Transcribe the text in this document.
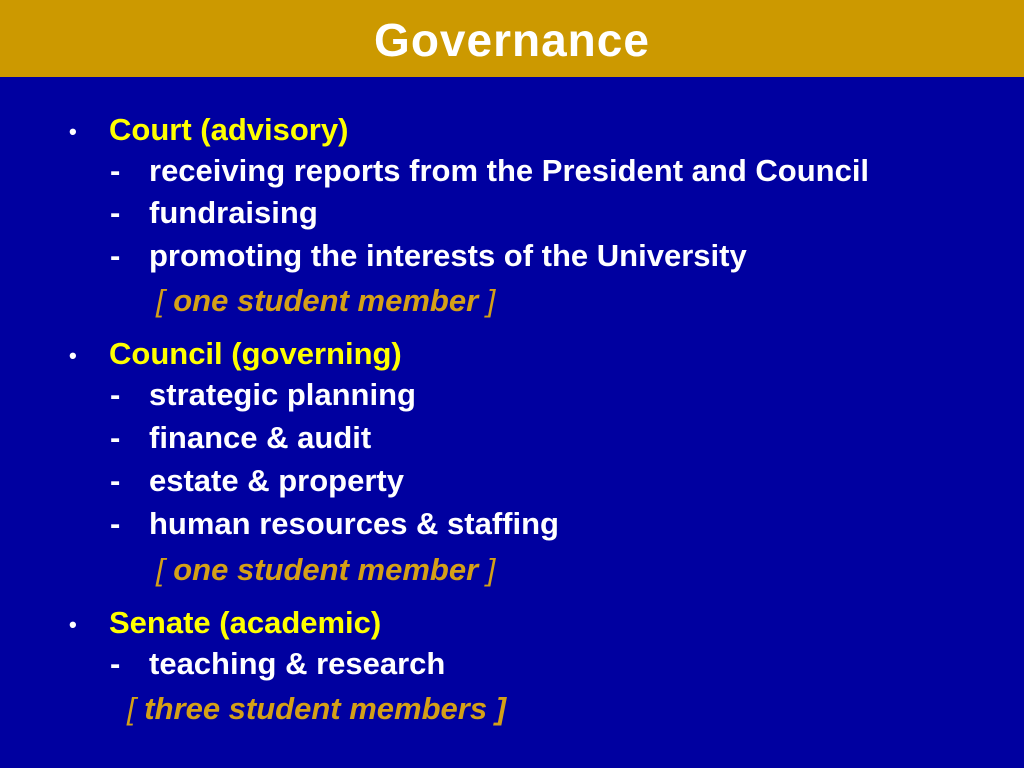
Governance
• Court (advisory)
- receiving reports from the President and Council
- fundraising
- promoting the interests of the University
[ one student member ]
• Council (governing)
- strategic planning
- finance & audit
- estate & property
- human resources & staffing
[ one student member ]
• Senate (academic)
- teaching & research
[ three student members ]
